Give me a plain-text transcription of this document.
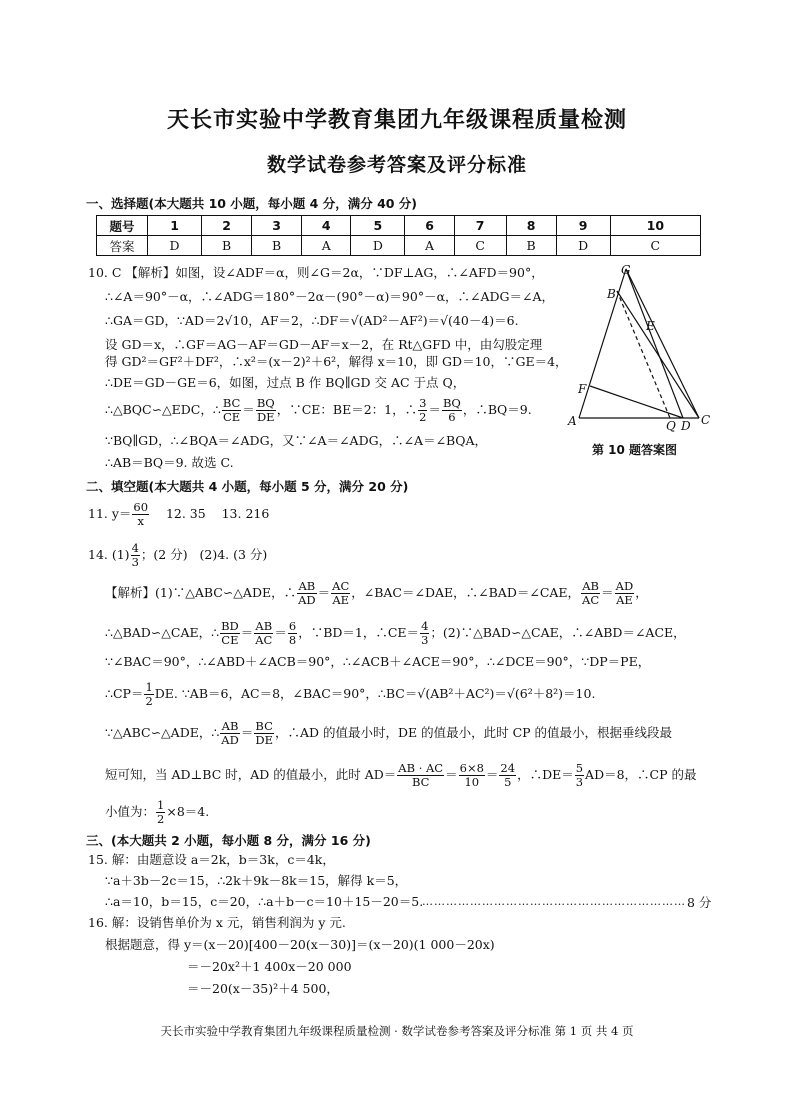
天长市实验中学教育集团九年级课程质量检测
数学试卷参考答案及评分标准
一、选择题(本大题共 10 小题，每小题 4 分，满分 40 分)
题号	1	2	3	4	5	6	7	8	9	10
答案	D	B	B	A	D	A	C	B	D	C
10. C 【解析】如图，设∠ADF＝α，则∠G＝2α，∵DF⊥AG，∴∠AFD＝90°，
∴∠A＝90°－α，∴∠ADG＝180°－2α－(90°－α)＝90°－α，∴∠ADG＝∠A，
∴GA＝GD，∵AD＝2√10，AF＝2，∴DF＝√(AD²－AF²)＝√(40－4)＝6.
设 GD＝x，∴GF＝AG－AF＝GD－AF＝x－2，在 Rt△GFD 中，由勾股定理
得 GD²＝GF²＋DF²，∴x²＝(x－2)²＋6²，解得 x＝10，即 GD＝10，∵GE＝4，
∴DE＝GD－GE＝6，如图，过点 B 作 BQ∥GD 交 AC 于点 Q，
∴△BQC∽△EDC，∴ $\frac{BC}{CE} = \frac{BQ}{DE}$ ，∵CE：BE＝2：1，∴ $\frac{3}{2} = \frac{BQ}{6}$ ，∴BQ＝9.
∵BQ∥GD，∴∠BQA＝∠ADG，又∵∠A＝∠ADG，∴∠A＝∠BQA，
∴AB＝BQ＝9. 故选 C.
G
B
E
F
A	Q D C
第 10 题答案图
二、填空题(本大题共 4 小题，每小题 5 分，满分 20 分)
11. $y= \frac{60}{x} 12$. 35    13. 216
14. $(1) \frac{4}{3}$ ；(2 分)   (2)4. (3 分)
【解析】(1)∵△ABC∽△ADE，∴ $\frac{AB}{AD} = \frac{AC}{AE}$ ，∠BAC＝∠DAE，∴∠BAD＝∠CAE， $\frac{AB}{AC} = \frac{AD}{AE}$ ，
∴△BAD∽△CAE，∴ $\frac{BD}{CE} = \frac{AB}{AC} = \frac{6}{8}$ ，∵BD＝1，∴CE＝ $\frac{4}{3}$ ；(2)∵△BAD∽△CAE，∴∠ABD＝∠ACE，
∵∠BAC＝90°，∴∠ABD＋∠ACB＝90°，∴∠ACB＋∠ACE＝90°，∴∠DCE＝90°，∵DP＝PE，
∴CP＝ $\frac{1}{2}$ DE. ∵AB＝6，AC＝8，∠BAC＝90°，∴BC＝√(AB²＋AC²)＝√(6²＋8²)＝10.
∵△ABC∽△ADE，∴ $\frac{AB}{AD} = \frac{BC}{DE}$ ，∴AD 的值最小时，DE 的值最小，此时 CP 的值最小，根据垂线段最
短可知，当 AD⊥BC 时，AD 的值最小，此时 $AD= \frac{AB \cdot AC}{BC} = \frac{6\times 8}{10} = \frac{24}{5}$ ，∴DE＝ $\frac{5}{3} AD=8$，∴CP 的最
小值为： $\frac{1}{2} \times 8=4$.
三、(本大题共 2 小题，每小题 8 分，满分 16 分)
15. 解：由题意设 a＝2k，b＝3k，c＝4k，
∵a＋3b－2c＝15，∴2k＋9k－8k＝15，解得 k＝5，
∴a＝10，b＝15，c＝20，∴a＋b－c＝10＋15－20＝5.
………………………………………………………… 8 分
16. 解：设销售单价为 x 元，销售利润为 y 元.
根据题意，得 y＝(x－20)[400－20(x－30)]＝(x－20)(1 000－20x)
＝－20x²＋1 400x－20 000
＝－20(x－35)²＋4 500，
天长市实验中学教育集团九年级课程质量检测 · 数学试卷参考答案及评分标准 第 1 页 共 4 页
